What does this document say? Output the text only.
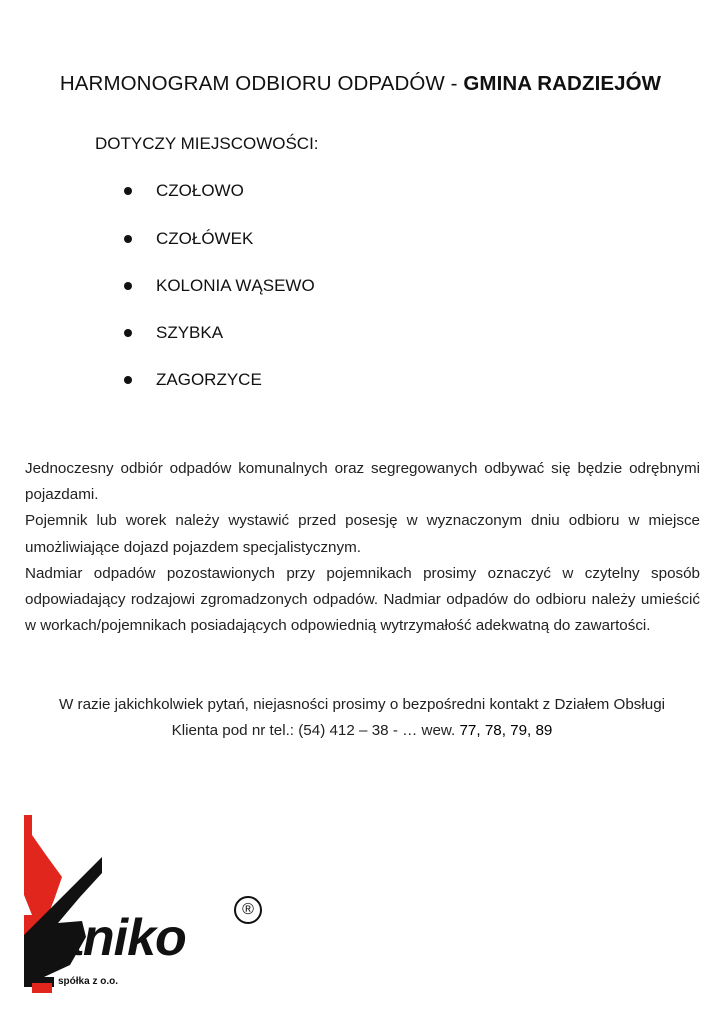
HARMONOGRAM ODBIORU ODPADÓW - GMINA RADZIEJÓW
DOTYCZY MIEJSCOWOŚCI:
CZOŁOWO
CZOŁÓWEK
KOLONIA WĄSEWO
SZYBKA
ZAGORZYCE

Jednoczesny odbiór odpadów komunalnych oraz segregowanych odbywać się będzie odrębnymi pojazdami.

Pojemnik lub worek należy wystawić przed posesję w wyznaczonym dniu odbioru w miejsce umożliwiające dojazd pojazdem specjalistycznym.

Nadmiar odpadów pozostawionych przy pojemnikach prosimy oznaczyć w czytelny sposób odpowiadający rodzajowi zgromadzonych odpadów. Nadmiar odpadów do odbioru należy umieścić w workach/pojemnikach posiadających odpowiednią wytrzymałość adekwatną do zawartości.

W razie jakichkolwiek pytań, niejasności prosimy o bezpośredni kontakt z Działem Obsługi
Klienta pod nr tel.: (54) 412 – 38 - … wew. 77, 78, 79, 89
aniko	®
spółka z o.o.
